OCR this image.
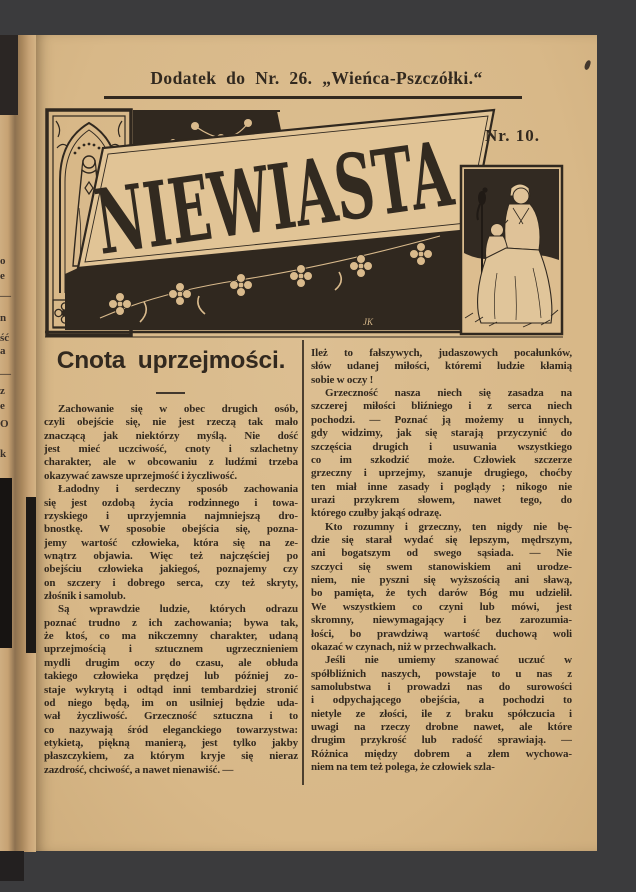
o
e
—
n
ść
a
—
z
e
O
k
Dodatek do Nr. 26. „Wieńca-Pszczółki.“
NIEWIASTA
JK
Nr. 10.
Cnota uprzejmości.
Zachowanie się w obec drugich osób,
czyli obejście się, nie jest rzeczą tak mało
znaczącą jak niektórzy myślą. Nie dość
jest mieć uczciwość, cnoty i szlachetny
charakter, ale w obcowaniu z ludźmi trzeba
okazywać zawsze uprzejmość i życzliwość.
Ładodny i serdeczny sposób zachowania
się jest ozdobą życia rodzinnego i towa-
rzyskiego i uprzyjemnia najmniejszą dro-
bnostkę. W sposobie obejścia się, pozna-
jemy wartość człowieka, która się na ze-
wnątrz objawia. Więc też najczęściej po
obejściu człowieka jakiegoś, poznajemy czy
on szczery i dobrego serca, czy też skryty,
złośnik i samolub.
Są wprawdzie ludzie, których odrazu
poznać trudno z ich zachowania; bywa tak,
że ktoś, co ma nikczemny charakter, udaną
uprzejmością i sztucznem ugrzecznieniem
mydli drugim oczy do czasu, ale obłuda
takiego człowieka prędzej lub później zo-
staje wykrytą i odtąd inni tembardziej stronić
od niego będą, im on usilniej będzie uda-
wał życzliwość. Grzeczność sztuczna i to
co nazywają śród eleganckiego towarzystwa:
etykietą, piękną manierą, jest tylko jakby
płaszczykiem, za którym kryje się nieraz
zazdrość, chciwość, a nawet nienawiść. —
Ileż to fałszywych, judaszowych pocałunków,
słów udanej miłości, któremi ludzie kłamią
sobie w oczy !
Grzeczność nasza niech się zasadza na
szczerej miłości bliźniego i z serca niech
pochodzi. — Poznać ją możemy u innych,
gdy widzimy, jak się starają przyczynić do
szczęścia drugich i usuwania wszystkiego
co im szkodzić może. Człowiek szczerze
grzeczny i uprzejmy, szanuje drugiego, choćby
ten miał inne zasady i poglądy ; nikogo nie
urazi przykrem słowem, nawet tego, do
którego czułby jakąś odrazę.
Kto rozumny i grzeczny, ten nigdy nie bę-
dzie się starał wydać się lepszym, mędrszym,
ani bogatszym od swego sąsiada. — Nie
szczyci się swem stanowiskiem ani urodze-
niem, nie pyszni się wyższością ani sławą,
bo pamięta, że tych darów Bóg mu udzielił.
We wszystkiem co czyni lub mówi, jest
skromny, niewymagający i bez zarozumia-
łości, bo prawdziwą wartość duchową woli
okazać w czynach, niż w przechwałkach.
Jeśli nie umiemy szanować uczuć w
spółbliźnich naszych, powstaje to u nas z
samolubstwa i prowadzi nas do surowości
i odpychającego obejścia, a pochodzi to
nietyle ze złości, ile z braku spółczucia i
uwagi na rzeczy drobne nawet, ale które
drugim przykrość lub radość sprawiają. —
Różnica między dobrem a złem wychowa-
niem na tem też polega, że człowiek szla-
